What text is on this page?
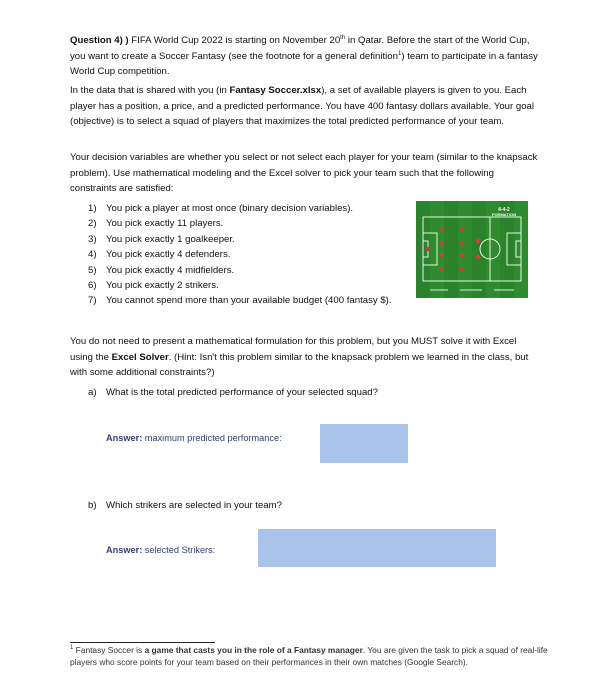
Question 4) ) FIFA World Cup 2022 is starting on November 20th in Qatar. Before the start of the World Cup, you want to create a Soccer Fantasy (see the footnote for a general definition$^1$) team to participate in a fantasy World Cup competition.

In the data that is shared with you (in Fantasy Soccer.xlsx), a set of available players is given to you. Each player has a position, a price, and a predicted performance. You have 400 fantasy dollars available. Your goal (objective) is to select a squad of players that maximizes the total predicted performance of your team.

Your decision variables are whether you select or not select each player for your team (similar to the knapsack problem). Use mathematical modeling and the Excel solver to pick your team such that the following constraints are satisfied:

1) You pick a player at most once (binary decision variables).
2) You pick exactly 11 players.
3) You pick exactly 1 goalkeeper.
4) You pick exactly 4 defenders.
5) You pick exactly 4 midfielders.
6) You pick exactly 2 strikers.
7) You cannot spend more than your available budget (400 fantasy $).
4-4-2
FORMATION

You do not need to present a mathematical formulation for this problem, but you MUST solve it with Excel using the Excel Solver. (Hint: Isn't this problem similar to the knapsack problem we learned in the class, but with some additional constraints?)

a) What is the total predicted performance of your selected squad?
Answer: maximum predicted performance:
b) Which strikers are selected in your team?
Answer: selected Strikers:
$^1$ Fantasy Soccer is a game that casts you in the role of a Fantasy manager. You are given the task to pick a squad of real-life players who score points for your team based on their performances in their own matches (Google Search).
